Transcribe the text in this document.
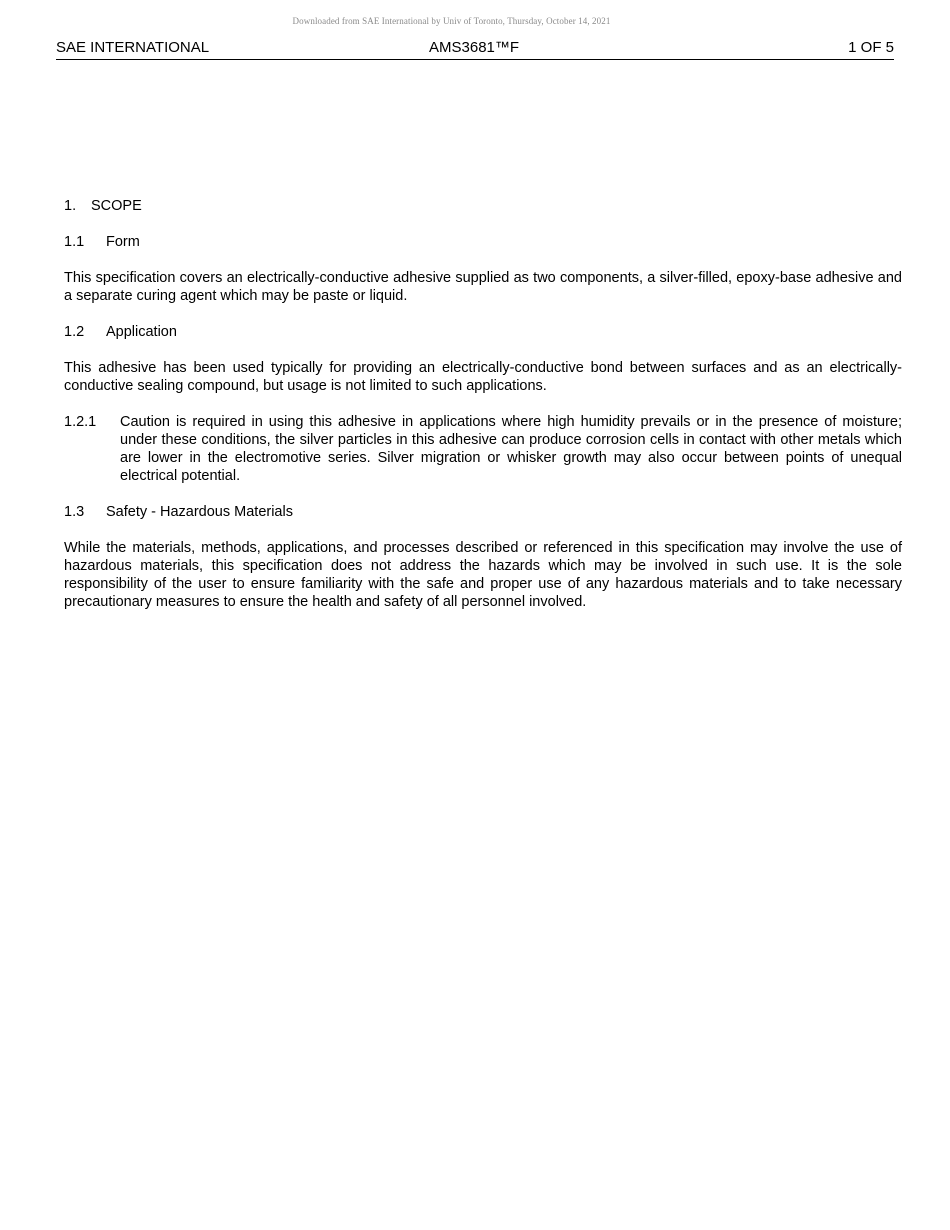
Downloaded from SAE International by Univ of Toronto, Thursday, October 14, 2021
SAE INTERNATIONAL	AMS3681™F	1 OF 5
1.	SCOPE
1.1	Form

This specification covers an electrically-conductive adhesive supplied as two components, a silver-filled, epoxy-base adhesive and a separate curing agent which may be paste or liquid.

1.2	Application

This adhesive has been used typically for providing an electrically-conductive bond between surfaces and as an electrically-conductive sealing compound, but usage is not limited to such applications.

1.2.1	Caution is required in using this adhesive in applications where high humidity prevails or in the presence of moisture; under these conditions, the silver particles in this adhesive can produce corrosion cells in contact with other metals which are lower in the electromotive series. Silver migration or whisker growth may also occur between points of unequal electrical potential.
1.3	Safety - Hazardous Materials

While the materials, methods, applications, and processes described or referenced in this specification may involve the use of hazardous materials, this specification does not address the hazards which may be involved in such use. It is the sole responsibility of the user to ensure familiarity with the safe and proper use of any hazardous materials and to take necessary precautionary measures to ensure the health and safety of all personnel involved.
